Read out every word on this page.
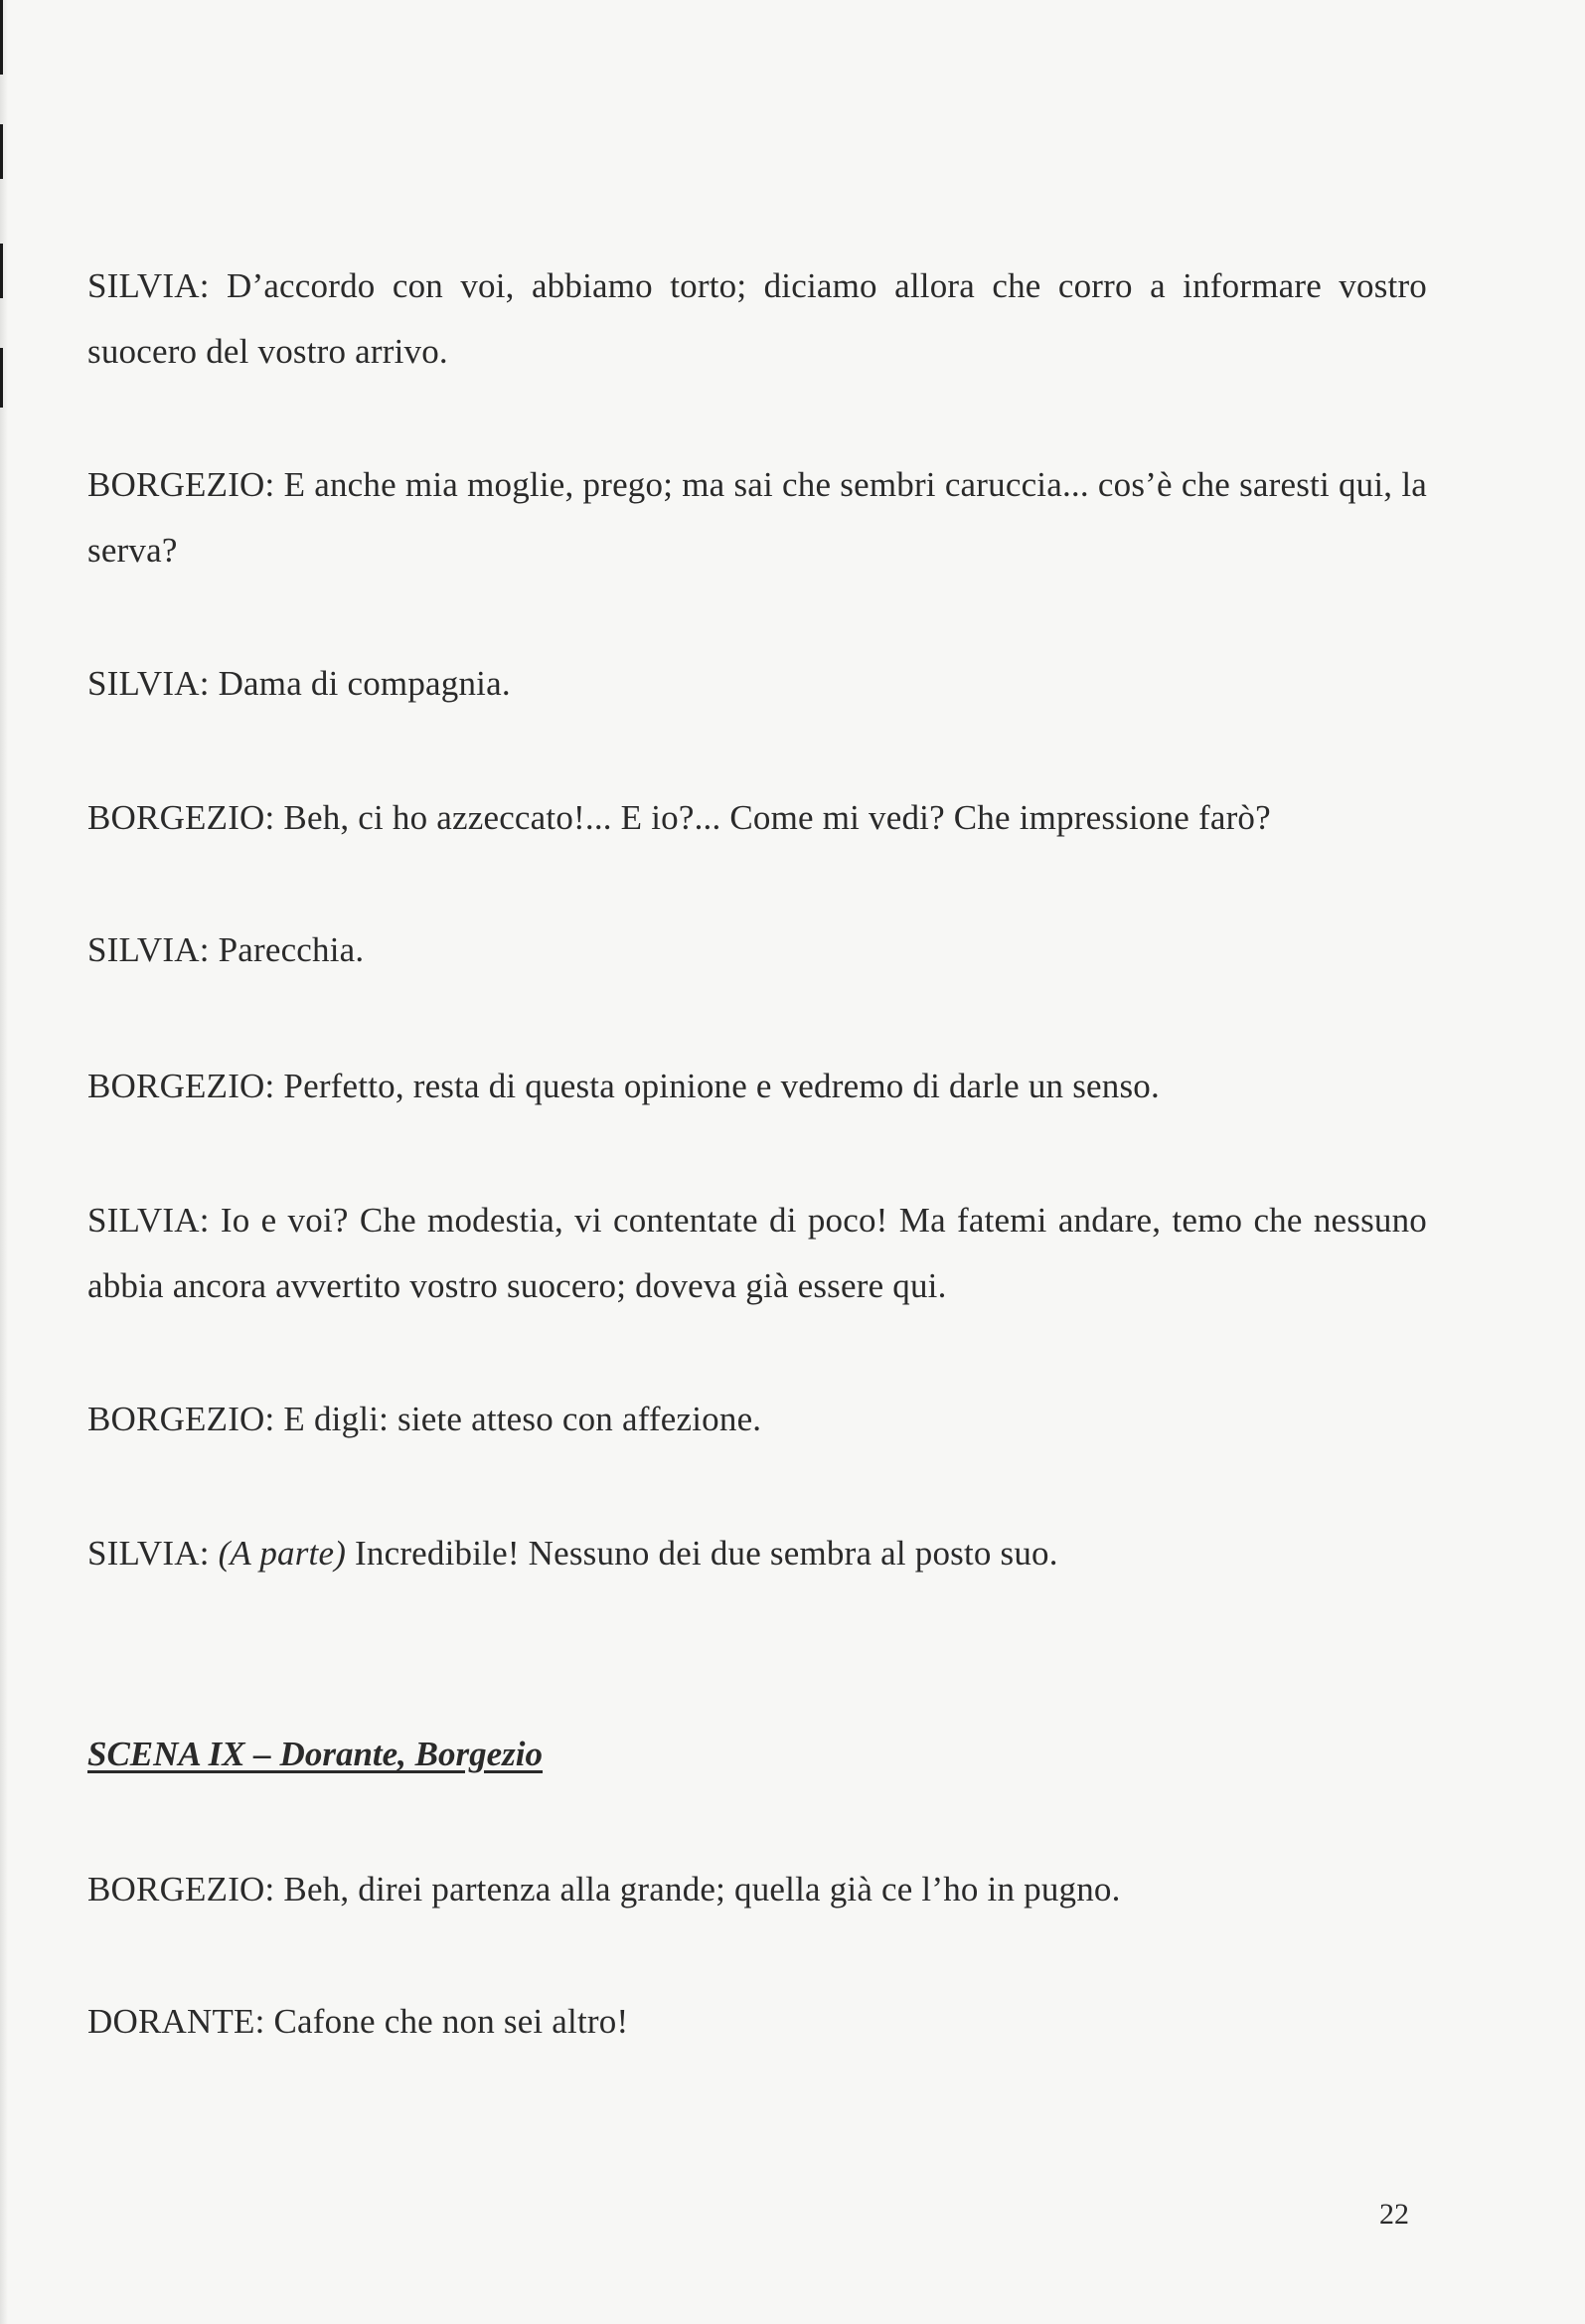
SILVIA: D’accordo con voi, abbiamo torto; diciamo allora che corro a informare vostro suocero del vostro arrivo.

BORGEZIO: E anche mia moglie, prego; ma sai che sembri caruccia... cos’è che saresti qui, la serva?

SILVIA: Dama di compagnia.

BORGEZIO: Beh, ci ho azzeccato!... E io?... Come mi vedi? Che impressione farò?

SILVIA: Parecchia.

BORGEZIO: Perfetto, resta di questa opinione e vedremo di darle un senso.

SILVIA: Io e voi? Che modestia, vi contentate di poco! Ma fatemi andare, temo che nessuno abbia ancora avvertito vostro suocero; doveva già essere qui.

BORGEZIO: E digli: siete atteso con affezione.

SILVIA: (A parte) Incredibile! Nessuno dei due sembra al posto suo.

SCENA IX – Dorante, Borgezio

BORGEZIO: Beh, direi partenza alla grande; quella già ce l’ho in pugno.

DORANTE: Cafone che non sei altro!

22
